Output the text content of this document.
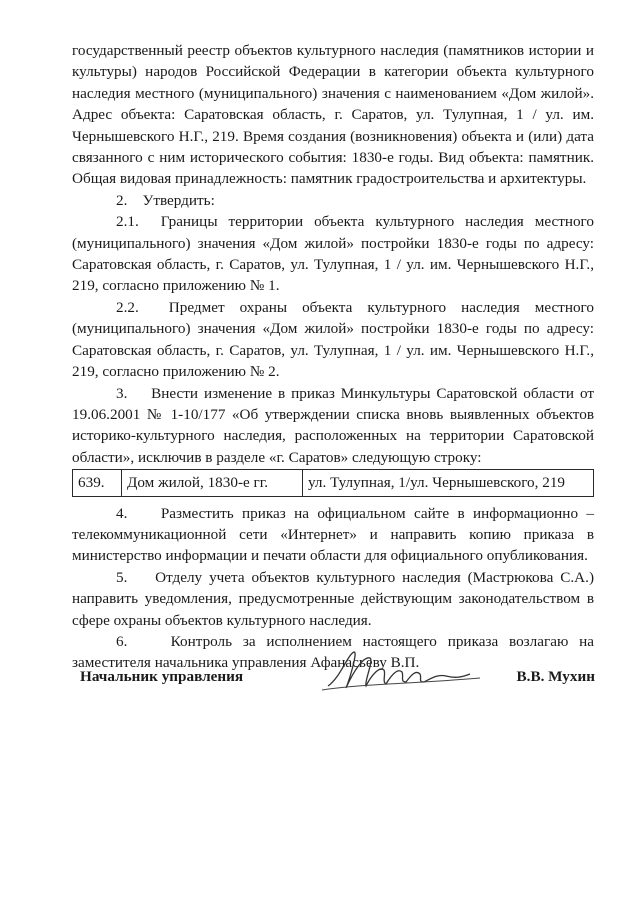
государственный реестр объектов культурного наследия (памятников истории и культуры) народов Российской Федерации в категории объекта культурного наследия местного (муниципального) значения с наименованием «Дом жилой». Адрес объекта: Саратовская область, г. Саратов, ул. Тулупная, 1 / ул. им. Чернышевского Н.Г., 219. Время создания (возникновения) объекта и (или) дата связанного с ним исторического события: 1830-е годы. Вид объекта: памятник. Общая видовая принадлежность: памятник градостроительства и архитектуры.

2.    Утвердить:

2.1.  Границы территории объекта культурного наследия местного (муниципального) значения «Дом жилой» постройки 1830-е годы по адресу: Саратовская область, г. Саратов, ул. Тулупная, 1 / ул. им. Чернышевского Н.Г., 219, согласно приложению № 1.

2.2.  Предмет охраны объекта культурного наследия местного (муниципального) значения «Дом жилой» постройки 1830-е годы по адресу: Саратовская область, г. Саратов, ул. Тулупная, 1 / ул. им. Чернышевского Н.Г., 219, согласно приложению № 2.

3.    Внести изменение в приказ Минкультуры Саратовской области от 19.06.2001 № 1-10/177 «Об утверждении списка вновь выявленных объектов историко-культурного наследия, расположенных на территории Саратовской области», исключив в разделе «г. Саратов» следующую строку:

639.	Дом жилой, 1830-е гг.	ул. Тулупная, 1/ул. Чернышевского, 219

4.    Разместить приказ на официальном сайте в информационно – телекоммуникационной сети «Интернет» и направить копию приказа в министерство информации и печати области для официального опубликования.

5.    Отделу учета объектов культурного наследия (Мастрюкова С.А.) направить уведомления, предусмотренные действующим законодательством в сфере охраны объектов культурного наследия.

6.    Контроль за исполнением настоящего приказа возлагаю на заместителя начальника управления Афанасьеву В.П.

Начальник управления	В.В. Мухин
